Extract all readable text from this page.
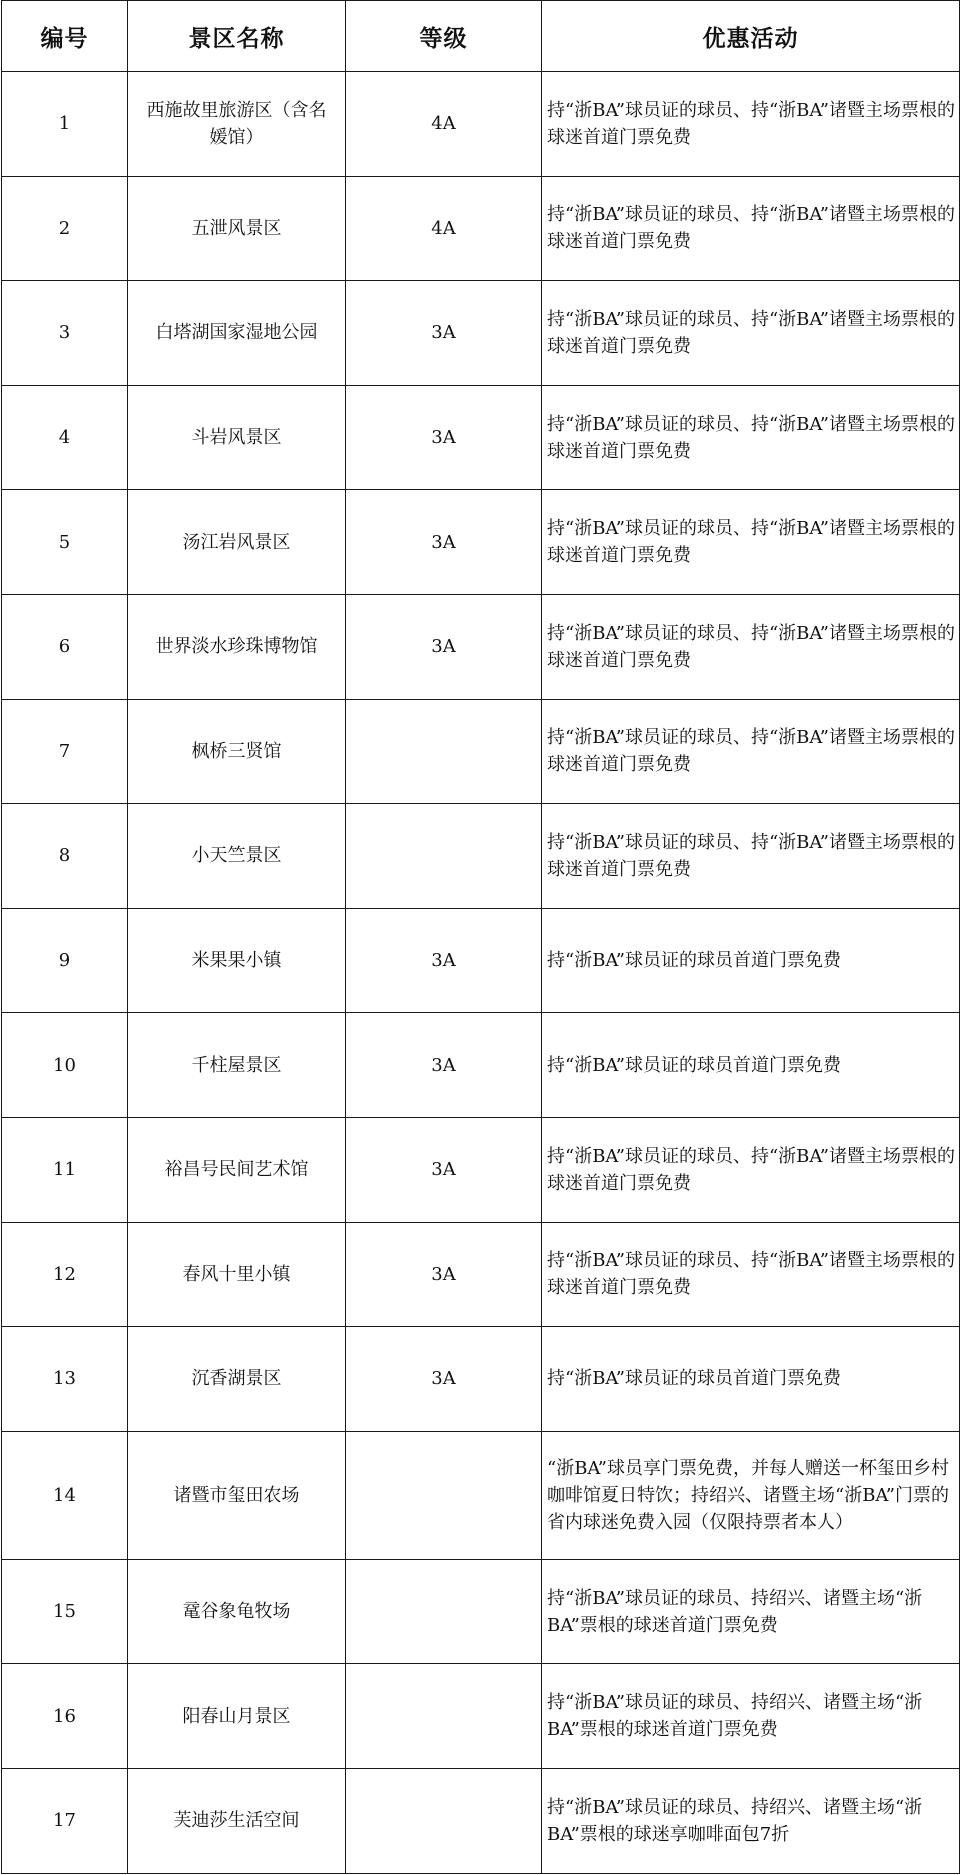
编号	景区名称	等级	优惠活动
1	西施故里旅游区（含名媛馆）	4A	持“浙BA”球员证的球员、持“浙BA”诸暨主场票根的球迷首道门票免费
2	五泄风景区	4A	持“浙BA”球员证的球员、持“浙BA”诸暨主场票根的球迷首道门票免费
3	白塔湖国家湿地公园	3A	持“浙BA”球员证的球员、持“浙BA”诸暨主场票根的球迷首道门票免费
4	斗岩风景区	3A	持“浙BA”球员证的球员、持“浙BA”诸暨主场票根的球迷首道门票免费
5	汤江岩风景区	3A	持“浙BA”球员证的球员、持“浙BA”诸暨主场票根的球迷首道门票免费
6	世界淡水珍珠博物馆	3A	持“浙BA”球员证的球员、持“浙BA”诸暨主场票根的球迷首道门票免费
7	枫桥三贤馆		持“浙BA”球员证的球员、持“浙BA”诸暨主场票根的球迷首道门票免费
8	小天竺景区		持“浙BA”球员证的球员、持“浙BA”诸暨主场票根的球迷首道门票免费
9	米果果小镇	3A	持“浙BA”球员证的球员首道门票免费
10	千柱屋景区	3A	持“浙BA”球员证的球员首道门票免费
11	裕昌号民间艺术馆	3A	持“浙BA”球员证的球员、持“浙BA”诸暨主场票根的球迷首道门票免费
12	春风十里小镇	3A	持“浙BA”球员证的球员、持“浙BA”诸暨主场票根的球迷首道门票免费
13	沉香湖景区	3A	持“浙BA”球员证的球员首道门票免费
14	诸暨市玺田农场		“浙BA”球员享门票免费，并每人赠送一杯玺田乡村咖啡馆夏日特饮；持绍兴、诸暨主场“浙BA”门票的省内球迷免费入园（仅限持票者本人）
15	鼋谷象龟牧场		持“浙BA”球员证的球员、持绍兴、诸暨主场“浙BA”票根的球迷首道门票免费
16	阳春山月景区		持“浙BA”球员证的球员、持绍兴、诸暨主场“浙BA”票根的球迷首道门票免费
17	芙迪莎生活空间		持“浙BA”球员证的球员、持绍兴、诸暨主场“浙BA”票根的球迷享咖啡面包7折
